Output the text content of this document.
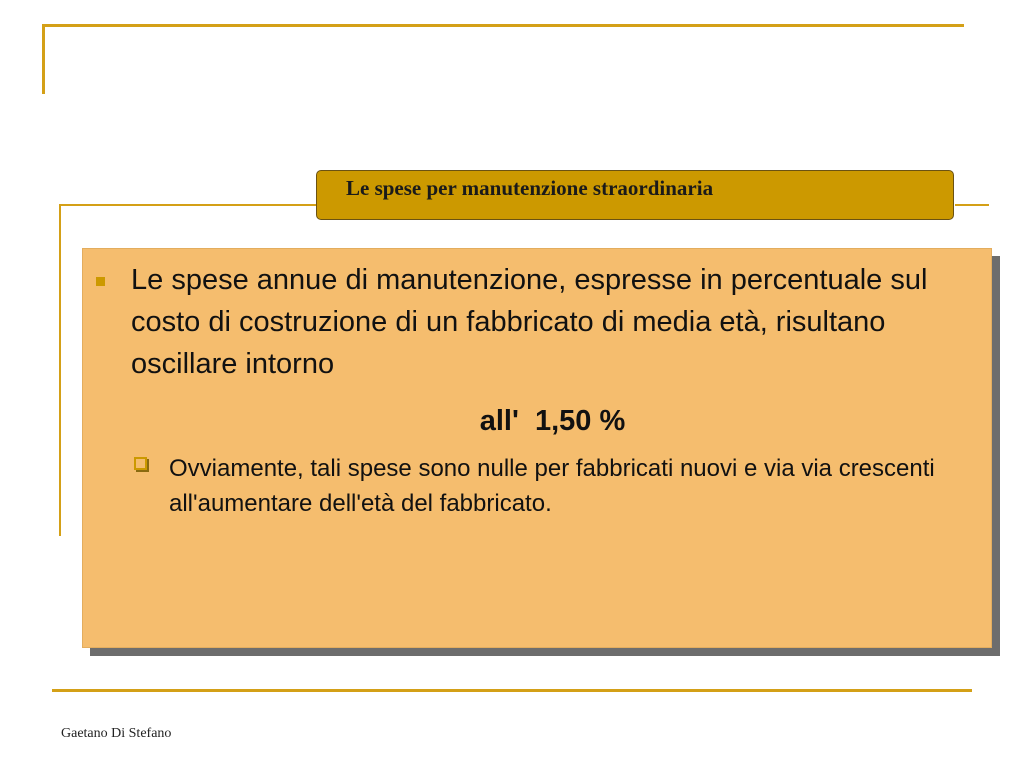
Le spese per manutenzione straordinaria
Le spese annue di manutenzione, espresse in percentuale sul costo di costruzione di un fabbricato di media età, risultano oscillare intorno
all'  1,50 %
Ovviamente, tali spese sono nulle per fabbricati nuovi e via via crescenti all'aumentare dell'età del fabbricato.
Gaetano Di Stefano
